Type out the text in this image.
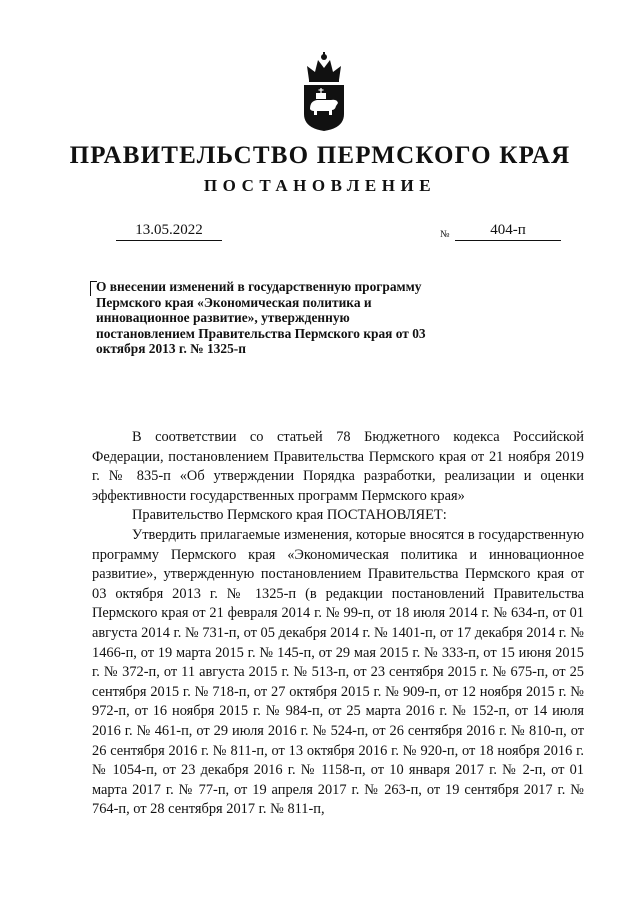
ПРАВИТЕЛЬСТВО ПЕРМСКОГО КРАЯ
ПОСТАНОВЛЕНИЕ
13.05.2022	№	404-п
О внесении изменений в государственную программу Пермского края «Экономическая политика и инновационное развитие», утвержденную постановлением Правительства Пермского края от 03 октября 2013 г. № 1325-п

В соответствии со статьей 78 Бюджетного кодекса Российской Федерации, постановлением Правительства Пермского края от 21 ноября 2019 г. № 835-п «Об утверждении Порядка разработки, реализации и оценки эффективности государственных программ Пермского края»

Правительство Пермского края ПОСТАНОВЛЯЕТ:

Утвердить прилагаемые изменения, которые вносятся в государственную программу Пермского края «Экономическая политика и инновационное развитие», утвержденную постановлением Правительства Пермского края от 03 октября 2013 г. № 1325-п (в редакции постановлений Правительства Пермского края от 21 февраля 2014 г. № 99-п, от 18 июля 2014 г. № 634-п, от 01 августа 2014 г. № 731-п, от 05 декабря 2014 г. № 1401-п, от 17 декабря 2014 г. № 1466-п, от 19 марта 2015 г. № 145-п, от 29 мая 2015 г. № 333-п, от 15 июня 2015 г. № 372-п, от 11 августа 2015 г. № 513-п, от 23 сентября 2015 г. № 675-п, от 25 сентября 2015 г. № 718-п, от 27 октября 2015 г. № 909-п, от 12 ноября 2015 г. № 972-п, от 16 ноября 2015 г. № 984-п, от 25 марта 2016 г. № 152-п, от 14 июля 2016 г. № 461-п, от 29 июля 2016 г. № 524-п, от 26 сентября 2016 г. № 810-п, от 26 сентября 2016 г. № 811-п, от 13 октября 2016 г. № 920-п, от 18 ноября 2016 г. № 1054-п, от 23 декабря 2016 г. № 1158-п, от 10 января 2017 г. № 2-п, от 01 марта 2017 г. № 77-п, от 19 апреля 2017 г. № 263-п, от 19 сентября 2017 г. № 764-п, от 28 сентября 2017 г. № 811-п,
